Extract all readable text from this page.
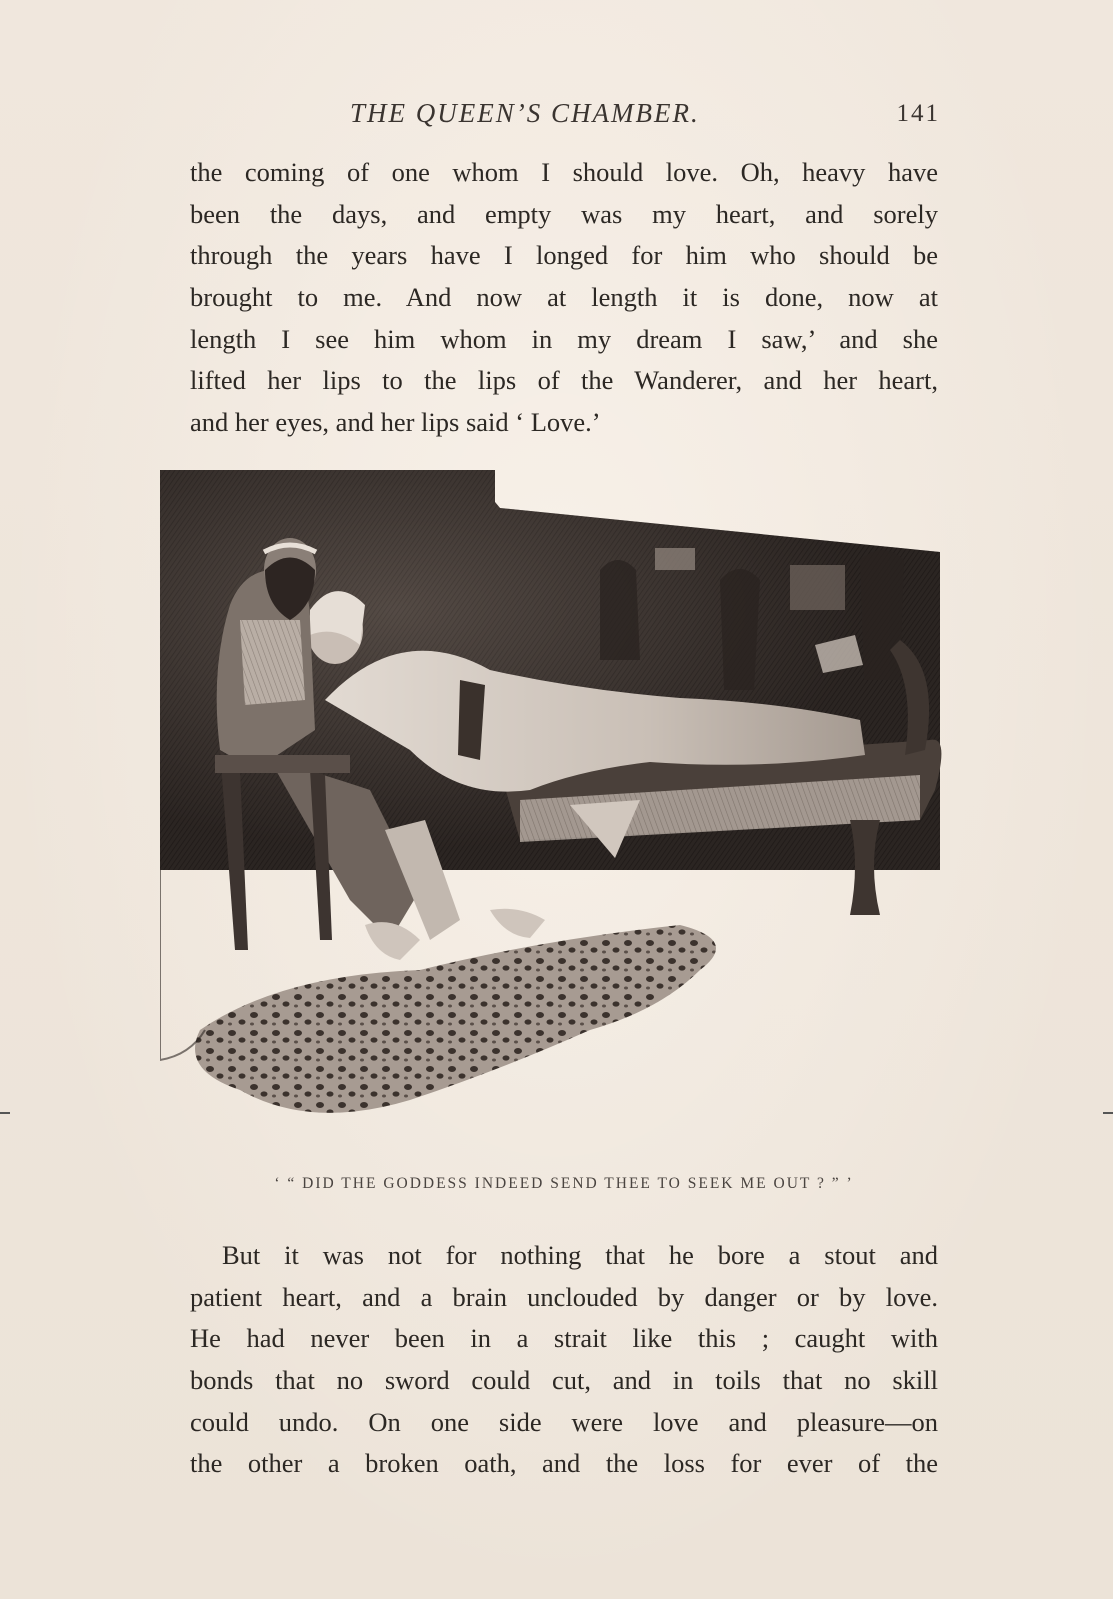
THE QUEEN’S CHAMBER.	141
the coming of one whom I should love. Oh, heavy have
been the days, and empty was my heart, and sorely
through the years have I longed for him who should be
brought to me. And now at length it is done, now at
length I see him whom in my dream I saw,’ and she
lifted her lips to the lips of the Wanderer, and her heart,
and her eyes, and her lips said ‘ Love.’
‘ “ DID THE GODDESS INDEED SEND THEE TO SEEK ME OUT ? ” ’
But it was not for nothing that he bore a stout and
patient heart, and a brain unclouded by danger or by love.
He had never been in a strait like this ; caught with
bonds that no sword could cut, and in toils that no skill
could undo. On one side were love and pleasure—on
the other a broken oath, and the loss for ever of the
